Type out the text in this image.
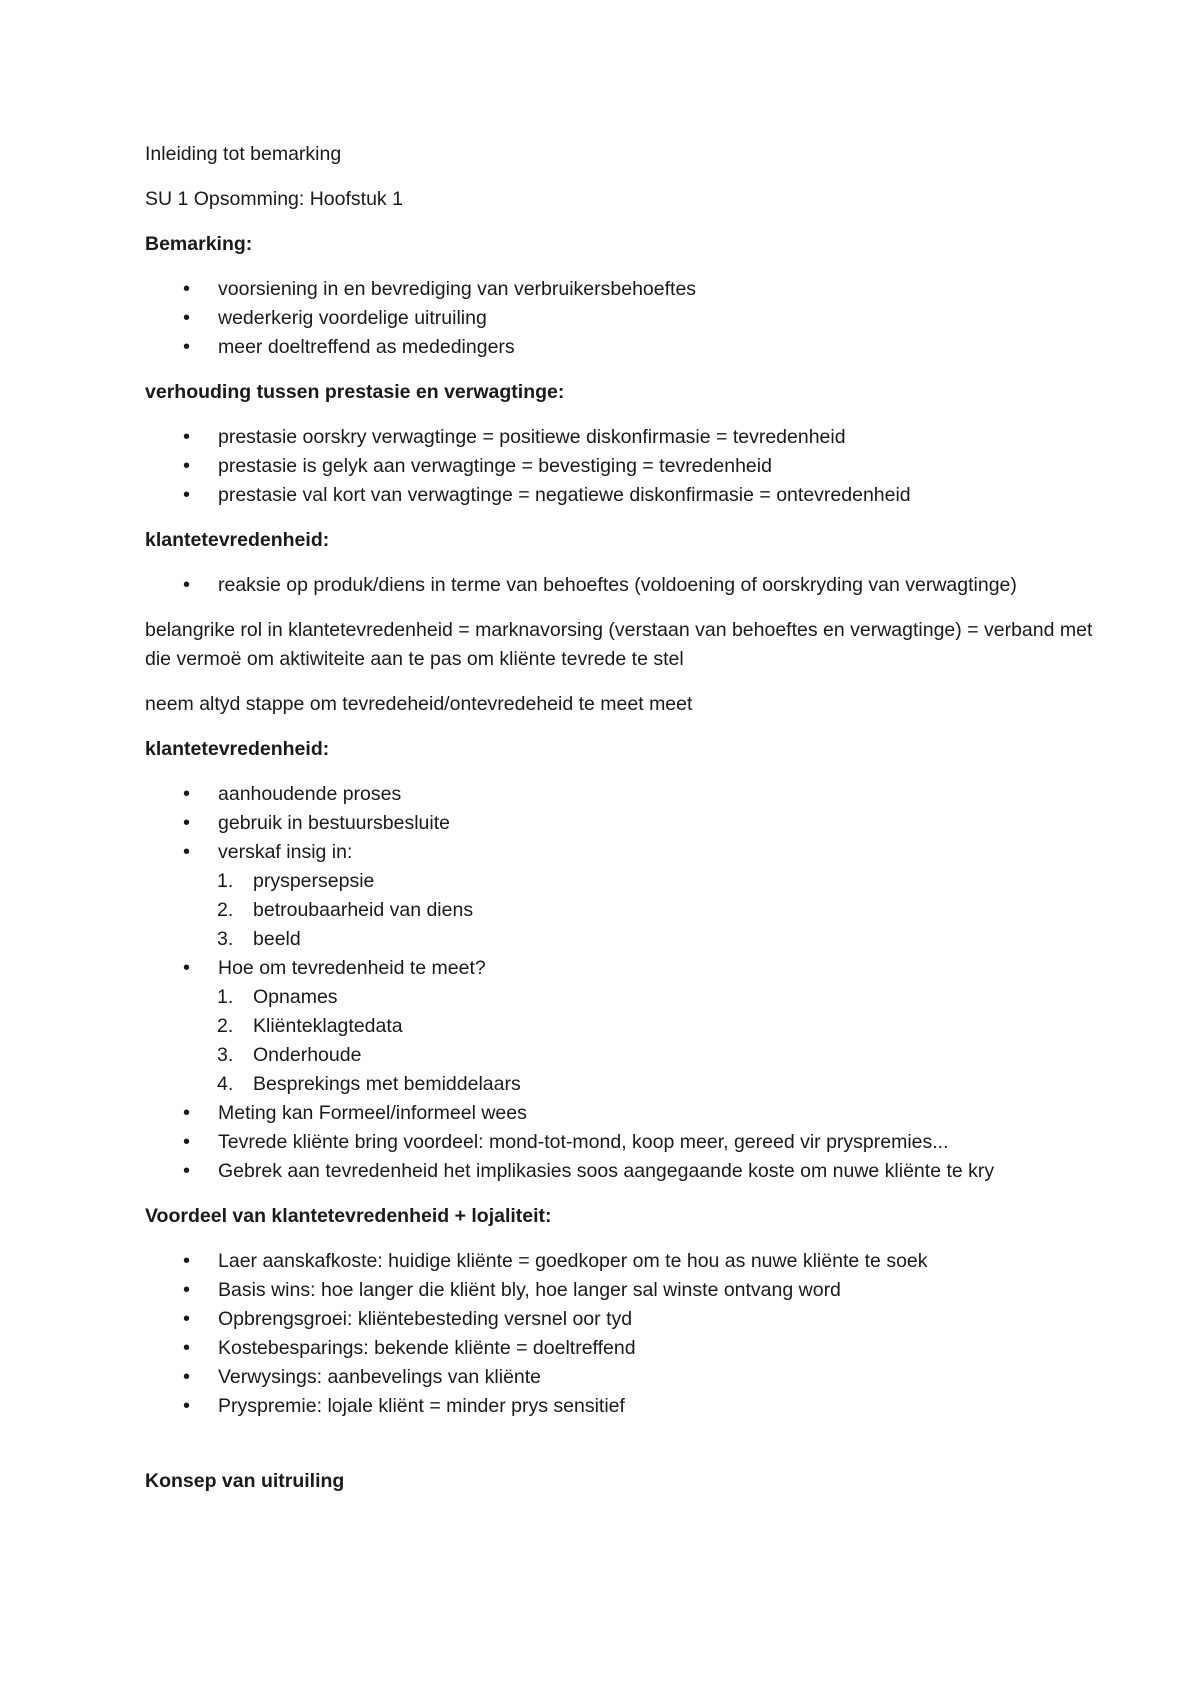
Inleiding tot bemarking

SU 1 Opsomming: Hoofstuk 1

Bemarking:

• voorsiening in en bevrediging van verbruikersbehoeftes
• wederkerig voordelige uitruiling
• meer doeltreffend as mededingers

verhouding tussen prestasie en verwagtinge:

• prestasie oorskry verwagtinge = positiewe diskonfirmasie = tevredenheid
• prestasie is gelyk aan verwagtinge = bevestiging = tevredenheid
• prestasie val kort van verwagtinge = negatiewe diskonfirmasie = ontevredenheid

klantetevredenheid:

• reaksie op produk/diens in terme van behoeftes (voldoening of oorskryding van verwagtinge)

belangrike rol in klantetevredenheid = marknavorsing (verstaan van behoeftes en verwagtinge) = verband met die vermoë om aktiwiteite aan te pas om kliënte tevrede te stel

neem altyd stappe om tevredeheid/ontevredeheid te meet meet

klantetevredenheid:

• aanhoudende proses
• gebruik in bestuursbesluite
• verskaf insig in:
1. pryspersepsie
2. betroubaarheid van diens
3. beeld
• Hoe om tevredenheid te meet?
1. Opnames
2. Kliënteklagtedata
3. Onderhoude
4. Besprekings met bemiddelaars
• Meting kan Formeel/informeel wees
• Tevrede kliënte bring voordeel: mond-tot-mond, koop meer, gereed vir pryspremies...
• Gebrek aan tevredenheid het implikasies soos aangegaande koste om nuwe kliënte te kry

Voordeel van klantetevredenheid + lojaliteit:

• Laer aanskafkoste: huidige kliënte = goedkoper om te hou as nuwe kliënte te soek
• Basis wins: hoe langer die kliënt bly, hoe langer sal winste ontvang word
• Opbrengsgroei: kliëntebesteding versnel oor tyd
• Kostebesparings: bekende kliënte = doeltreffend
• Verwysings: aanbevelings van kliënte
• Pryspremie: lojale kliënt = minder prys sensitief

Konsep van uitruiling
